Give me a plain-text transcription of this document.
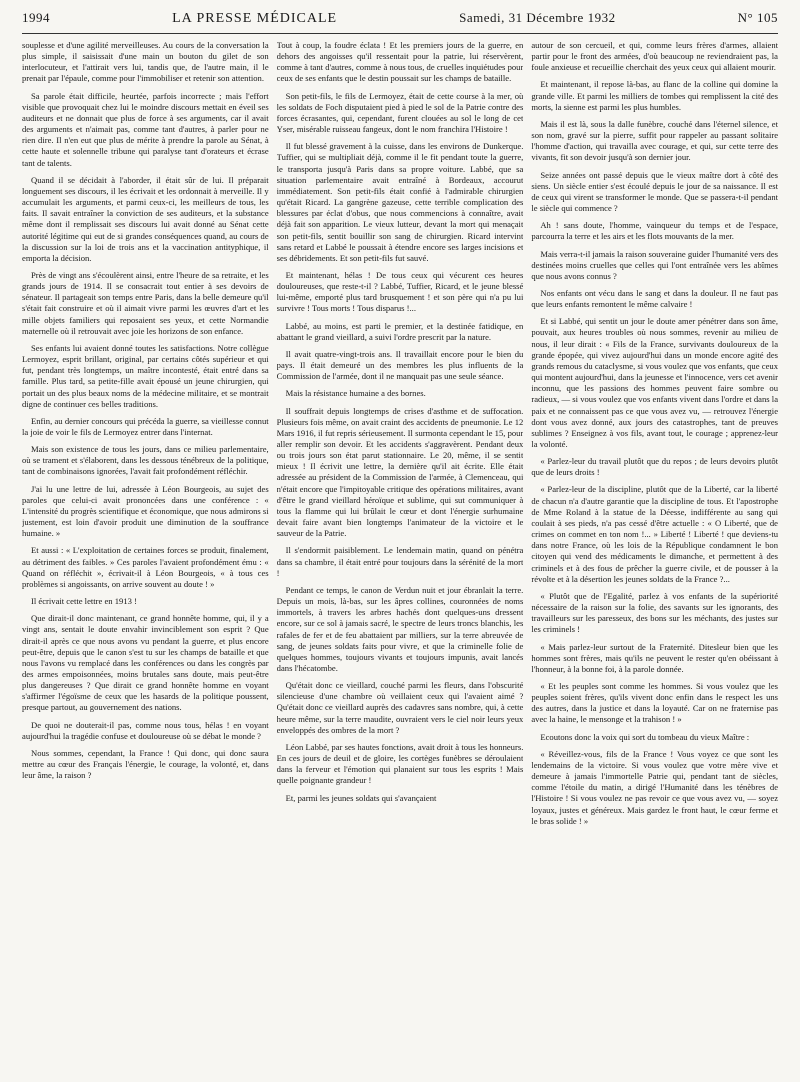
1994	LA PRESSE MÉDICALE	Samedi, 31 Décembre 1932	N° 105

souplesse et d'une agilité merveilleuses. Au cours de la conversation la plus simple, il saisissait d'une main un bouton du gilet de son interlocuteur, et l'attirait vers lui, tandis que, de l'autre main, il le prenait par l'épaule, comme pour l'immobiliser et retenir son attention.

Sa parole était difficile, heurtée, parfois incorrecte ; mais l'effort visible que provoquait chez lui le moindre discours mettait en éveil ses auditeurs et ne donnait que plus de force à ses arguments, car il avait des arguments et n'aimait pas, comme tant d'autres, à parler pour ne rien dire. Il n'en eut que plus de mérite à prendre la parole au Sénat, à cette haute et solennelle tribune qui paralyse tant d'orateurs et écrase tant de talents.

Quand il se décidait à l'aborder, il était sûr de lui. Il préparait longuement ses discours, il les écrivait et les ordonnait à merveille. Il y accumulait les arguments, et parmi ceux-ci, les meilleurs de tous, les faits. Il savait entraîner la conviction de ses auditeurs, et la substance même dont il remplissait ses discours lui avait donné au Sénat cette autorité légitime qui eut de si grandes conséquences quand, au cours de la discussion sur la loi de trois ans et la vaccination antityphique, il emporta la décision.

Près de vingt ans s'écoulèrent ainsi, entre l'heure de sa retraite, et les grands jours de 1914. Il se consacrait tout entier à ses devoirs de sénateur. Il partageait son temps entre Paris, dans la belle demeure qu'il s'était fait construire et où il aimait vivre parmi les œuvres d'art et les mille objets familiers qui reposaient ses yeux, et cette Normandie maternelle où il retrouvait avec joie les horizons de son enfance.

Ses enfants lui avaient donné toutes les satisfactions. Notre collègue Lermoyez, esprit brillant, original, par certains côtés supérieur et qui fut, pendant très longtemps, un maître incontesté, était entré dans sa famille. Plus tard, sa petite-fille avait épousé un jeune chirurgien, qui portait un des plus beaux noms de la médecine militaire, et se montrait digne de continuer ces belles traditions.

Enfin, au dernier concours qui précéda la guerre, sa vieillesse connut la joie de voir le fils de Lermoyez entrer dans l'internat.

Mais son existence de tous les jours, dans ce milieu parlementaire, où se trament et s'élaborent, dans les dessous ténébreux de la politique, tant de combinaisons ignorées, l'avait fait profondément réfléchir.

J'ai lu une lettre de lui, adressée à Léon Bourgeois, au sujet des paroles que celui-ci avait prononcées dans une conférence : « L'intensité du progrès scientifique et économique, que nous admirons si justement, est loin d'avoir produit une diminution de la souffrance humaine. »

Et aussi : « L'exploitation de certaines forces se produit, finalement, au détriment des faibles. » Ces paroles l'avaient profondément ému : « Quand on réfléchit », écrivait-il à Léon Bourgeois, « à tous ces problèmes si angoissants, on arrive souvent au doute ! »

Il écrivait cette lettre en 1913 !

Que dirait-il donc maintenant, ce grand honnête homme, qui, il y a vingt ans, sentait le doute envahir invinciblement son esprit ? Que dirait-il après ce que nous avons vu pendant la guerre, et plus encore peut-être, depuis que le canon s'est tu sur les champs de bataille et que nous l'avons vu remplacé dans les conférences ou dans les congrès par des armes empoisonnées, moins brutales sans doute, mais peut-être plus dangereuses ? Que dirait ce grand honnête homme en voyant s'affirmer l'égoïsme de ceux que les hasards de la politique poussent, presque partout, au gouvernement des nations.

De quoi ne douterait-il pas, comme nous tous, hélas ! en voyant aujourd'hui la tragédie confuse et douloureuse où se débat le monde ?

Nous sommes, cependant, la France ! Qui donc, qui donc saura mettre au cœur des Français l'énergie, le courage, la volonté, et, dans leur âme, la raison ?

Tout à coup, la foudre éclata ! Et les premiers jours de la guerre, en dehors des angoisses qu'il ressentait pour la patrie, lui réservèrent, comme à tant d'autres, comme à nous tous, de cruelles inquiétudes pour ceux de ses enfants que le destin poussait sur les champs de bataille.

Son petit-fils, le fils de Lermoyez, était de cette course à la mer, où les soldats de Foch disputaient pied à pied le sol de la Patrie contre des forces écrasantes, qui, cependant, furent clouées au sol le long de cet Yser, misérable ruisseau fangeux, dont le nom franchira l'Histoire !

Il fut blessé gravement à la cuisse, dans les environs de Dunkerque. Tuffier, qui se multipliait déjà, comme il le fit pendant toute la guerre, le transporta jusqu'à Paris dans sa propre voiture. Labbé, que sa situation parlementaire avait entraîné à Bordeaux, accourut immédiatement. Son petit-fils était confié à l'admirable chirurgien qu'était Ricard. La gangrène gazeuse, cette terrible complication des blessures par éclat d'obus, que nous commencions à connaître, avait déjà fait son apparition. Le vieux lutteur, devant la mort qui menaçait son petit-fils, sentit bouillir son sang de chirurgien. Ricard intervint sans retard et Labbé le poussait à étendre encore ses larges incisions et ses débridements. Et son petit-fils fut sauvé.

Et maintenant, hélas ! De tous ceux qui vécurent ces heures douloureuses, que reste-t-il ? Labbé, Tuffier, Ricard, et le jeune blessé lui-même, emporté plus tard brusquement ! et son père qui n'a pu lui survivre ! Tous morts ! Tous disparus !...

Labbé, au moins, est parti le premier, et la destinée fatidique, en abattant le grand vieillard, a suivi l'ordre prescrit par la nature.

Il avait quatre-vingt-trois ans. Il travaillait encore pour le bien du pays. Il était demeuré un des membres les plus influents de la Commission de l'armée, dont il ne manquait pas une seule séance.

Mais la résistance humaine a des bornes.

Il souffrait depuis longtemps de crises d'asthme et de suffocation. Plusieurs fois même, on avait craint des accidents de pneumonie. Le 12 Mars 1916, il fut repris sérieusement. Il surmonta cependant le 15, pour aller remplir son devoir. Et les accidents s'aggravèrent. Pendant deux ou trois jours son état parut stationnaire. Le 20, même, il se sentit mieux ! Il écrivit une lettre, la dernière qu'il ait écrite. Elle était adressée au président de la Commission de l'armée, à Clemenceau, qui n'était encore que l'impitoyable critique des opérations militaires, avant d'être le grand vieillard héroïque et sublime, qui sut communiquer à tous la flamme qui lui brûlait le cœur et dont l'énergie surhumaine devait faire avant bien longtemps l'animateur de la victoire et le sauveur de la Patrie.

Il s'endormit paisiblement. Le lendemain matin, quand on pénétra dans sa chambre, il était entré pour toujours dans la sérénité de la mort !

Pendant ce temps, le canon de Verdun nuit et jour ébranlait la terre. Depuis un mois, là-bas, sur les âpres collines, couronnées de noms immortels, à travers les arbres hachés dont quelques-uns dressent encore, sur ce sol à jamais sacré, le spectre de leurs troncs blanchis, les rafales de fer et de feu abattaient par milliers, sur la terre abreuvée de sang, de jeunes soldats faits pour vivre, et que la criminelle folie de quelques hommes, toujours vivants et toujours impunis, avait lancés dans l'hécatombe.

Qu'était donc ce vieillard, couché parmi les fleurs, dans l'obscurité silencieuse d'une chambre où veillaient ceux qui l'avaient aimé ? Qu'était donc ce vieillard auprès des cadavres sans nombre, qui, à cette heure même, sur la terre maudite, ouvraient vers le ciel noir leurs yeux enveloppés des ombres de la mort ?

Léon Labbé, par ses hautes fonctions, avait droit à tous les honneurs. En ces jours de deuil et de gloire, les cortèges funèbres se déroulaient dans la ferveur et l'émotion qui planaient sur tous les esprits ! Mais quelle poignante grandeur !

Et, parmi les jeunes soldats qui s'avançaient

autour de son cercueil, et qui, comme leurs frères d'armes, allaient partir pour le front des armées, d'où beaucoup ne reviendraient pas, la foule anxieuse et recueillie cherchait des yeux ceux qui allaient mourir.

Et maintenant, il repose là-bas, au flanc de la colline qui domine la grande ville. Et parmi les milliers de tombes qui remplissent la cité des morts, la sienne est parmi les plus humbles.

Mais il est là, sous la dalle funèbre, couché dans l'éternel silence, et son nom, gravé sur la pierre, suffit pour rappeler au passant solitaire l'homme d'action, qui travailla avec courage, et qui, sur cette terre des vivants, fit son devoir jusqu'à son dernier jour.

Seize années ont passé depuis que le vieux maître dort à côté des siens. Un siècle entier s'est écoulé depuis le jour de sa naissance. Il est de ceux qui virent se transformer le monde. Que se passera-t-il pendant le siècle qui commence ?

Ah ! sans doute, l'homme, vainqueur du temps et de l'espace, parcourra la terre et les airs et les flots mouvants de la mer.

Mais verra-t-il jamais la raison souveraine guider l'humanité vers des destinées moins cruelles que celles qui l'ont entraînée vers les abîmes que nous avons connus ?

Nos enfants ont vécu dans le sang et dans la douleur. Il ne faut pas que leurs enfants remontent le même calvaire !

Et si Labbé, qui sentit un jour le doute amer pénétrer dans son âme, pouvait, aux heures troubles où nous sommes, revenir au milieu de nous, il leur dirait : « Fils de la France, survivants douloureux de la grande épopée, qui vivez aujourd'hui dans un monde encore agité des grands remous du cataclysme, si vous voulez que vos enfants, que ceux qui montent aujourd'hui, dans la jeunesse et l'innocence, vers cet avenir inconnu, que les passions des hommes peuvent faire sombre ou radieux, — si vous voulez que vos enfants vivent dans l'ordre et dans la paix et ne connaissent pas ce que vous avez vu, — retrouvez l'énergie dont vous avez donné, aux jours des catastrophes, tant de preuves sublimes ? Enseignez à vos fils, avant tout, le courage ; apprenez-leur la volonté.

« Parlez-leur du travail plutôt que du repos ; de leurs devoirs plutôt que de leurs droits !

« Parlez-leur de la discipline, plutôt que de la Liberté, car la liberté de chacun n'a d'autre garantie que la discipline de tous. Et l'apostrophe de Mme Roland à la statue de la Déesse, indifférente au sang qui coulait à ses pieds, n'a pas cessé d'être actuelle : « O Liberté, que de crimes on commet en ton nom !... » Liberté ! Liberté ! que deviens-tu dans notre France, où les lois de la République condamnent le bon citoyen qui vend des médicaments le dimanche, et permettent à des criminels et à des fous de prêcher la guerre civile, et de pousser à la révolte et à la désertion les jeunes soldats de la France ?...

« Plutôt que de l'Egalité, parlez à vos enfants de la supériorité nécessaire de la raison sur la folie, des savants sur les ignorants, des travailleurs sur les paresseux, des bons sur les méchants, des justes sur les criminels !

« Mais parlez-leur surtout de la Fraternité. Ditesleur bien que les hommes sont frères, mais qu'ils ne peuvent le rester qu'en obéissant à l'honneur, à la bonne foi, à la parole donnée.

« Et les peuples sont comme les hommes. Si vous voulez que les peuples soient frères, qu'ils vivent donc enfin dans le respect les uns des autres, dans la justice et dans la loyauté. Car on ne fraternise pas avec la haine, le mensonge et la trahison ! »

Ecoutons donc la voix qui sort du tombeau du vieux Maître :

« Réveillez-vous, fils de la France ! Vous voyez ce que sont les lendemains de la victoire. Si vous voulez que votre mère vive et demeure à jamais l'immortelle Patrie qui, pendant tant de siècles, comme l'étoile du matin, a dirigé l'Humanité dans les ténèbres de l'Histoire ! Si vous voulez ne pas revoir ce que vous avez vu, — soyez loyaux, justes et généreux. Mais gardez le front haut, le cœur ferme et le bras solide ! »
